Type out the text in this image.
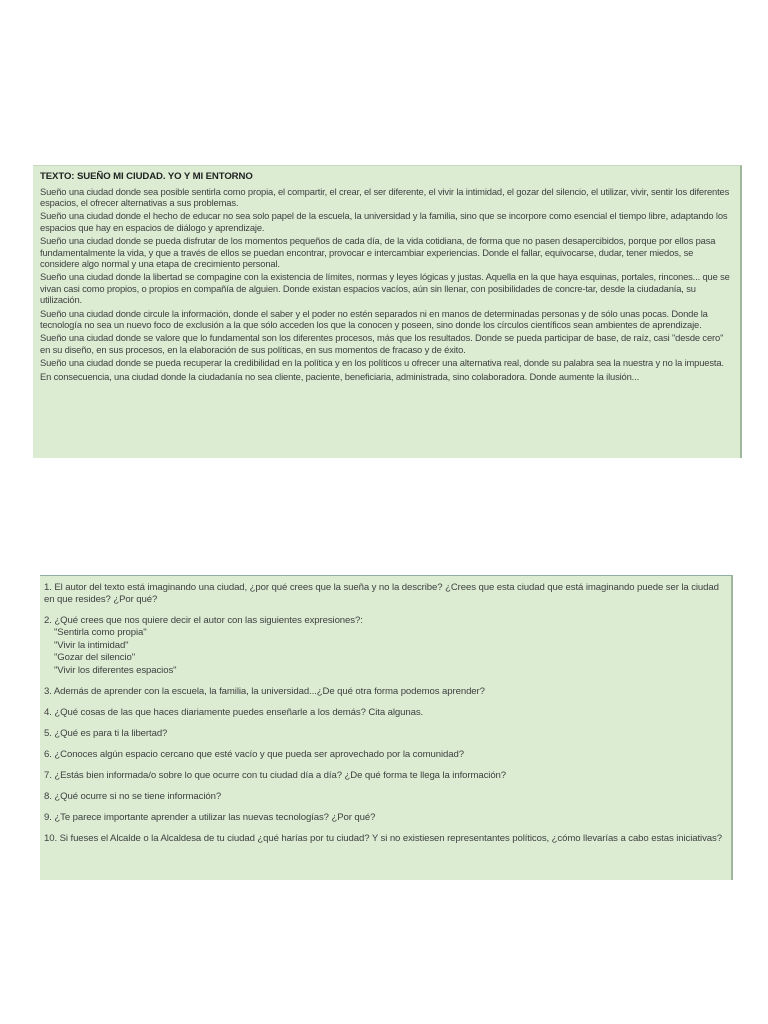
TEXTO: SUEÑO MI CIUDAD. YO Y MI ENTORNO
Sueño una ciudad donde sea posible sentirla como propia, el compartir, el crear, el ser diferente, el vivir la intimidad, el gozar del silencio, el utilizar, vivir, sentir los diferentes espacios, el ofrecer alternativas a sus problemas.
Sueño una ciudad donde el hecho de educar no sea solo papel de la escuela, la universidad y la familia, sino que se incorpore como esencial el tiempo libre, adaptando los espacios que hay en espacios de diálogo y aprendizaje.
Sueño una ciudad donde se pueda disfrutar de los momentos pequeños de cada día, de la vida cotidiana, de forma que no pasen desapercibidos, porque por ellos pasa fundamentalmente la vida, y que a través de ellos se puedan encontrar, provocar e intercambiar experiencias. Donde el fallar, equivocarse, dudar, tener miedos, se considere algo normal y una etapa de crecimiento personal.
Sueño una ciudad donde la libertad se compagine con la existencia de límites, normas y leyes lógicas y justas. Aquella en la que haya esquinas, portales, rincones... que se vivan casi como propios, o propios en compañía de alguien. Donde existan espacios vacíos, aún sin llenar, con posibilidades de concre-tar, desde la ciudadanía, su utilización.
Sueño una ciudad donde circule la información, donde el saber y el poder no estén separados ni en manos de determinadas personas y de sólo unas pocas. Donde la tecnología no sea un nuevo foco de exclusión a la que sólo acceden los que la conocen y poseen, sino donde los círculos científicos sean ambientes de aprendizaje.
Sueño una ciudad donde se valore que lo fundamental son los diferentes procesos, más que los resultados. Donde se pueda participar de base, de raíz, casi "desde cero" en su diseño, en sus procesos, en la elaboración de sus políticas, en sus momentos de fracaso y de éxito.
Sueño una ciudad donde se pueda recuperar la credibilidad en la política y en los políticos u ofrecer una alternativa real, donde su palabra sea la nuestra y no la impuesta.
En consecuencia, una ciudad donde la ciudadanía no sea cliente, paciente, beneficiaria, administrada, sino colaboradora. Donde aumente la ilusión...
1. El autor del texto está imaginando una ciudad, ¿por qué crees que la sueña y no la describe? ¿Crees que esta ciudad que está imaginando puede ser la ciudad en que resides? ¿Por qué?
2. ¿Qué crees que nos quiere decir el autor con las siguientes expresiones?:
"Sentirla como propia"
"Vivir la intimidad"
"Gozar del silencio"
"Vivir los diferentes espacios"
3. Además de aprender con la escuela, la familia, la universidad...¿De qué otra forma podemos aprender?
4. ¿Qué cosas de las que haces diariamente puedes enseñarle a los demás? Cita algunas.
5. ¿Qué es para ti la libertad?
6. ¿Conoces algún espacio cercano que esté vacío y que pueda ser aprovechado por la comunidad?
7. ¿Estás bien informada/o sobre lo que ocurre con tu ciudad día a día? ¿De qué forma te llega la información?
8. ¿Qué ocurre si no se tiene información?
9. ¿Te parece importante aprender a utilizar las nuevas tecnologías? ¿Por qué?
10. Si fueses el Alcalde o la Alcaldesa de tu ciudad ¿qué harías por tu ciudad? Y si no existiesen representantes políticos, ¿cómo llevarías a cabo estas iniciativas?
